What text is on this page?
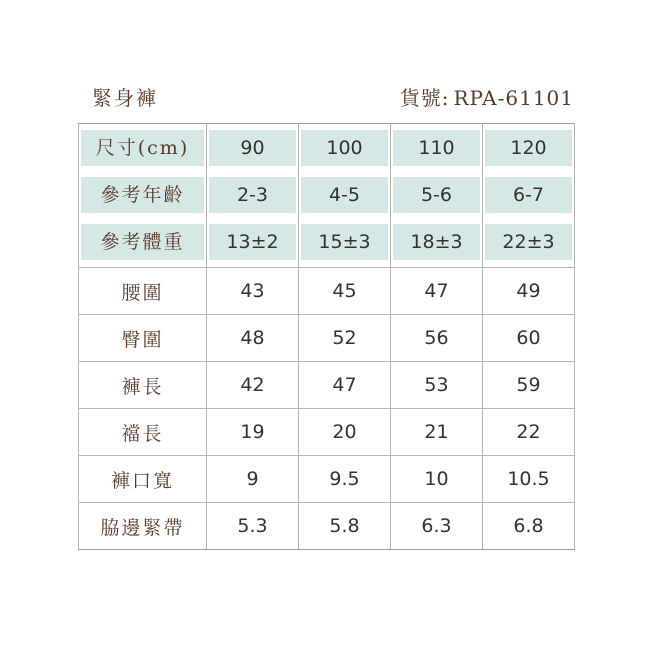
緊身褲	貨號: RPA-61101
尺寸(cm)	90	100	110	120

參考年齡	2-3	4-5	5-6	6-7

參考體重	13±2	15±3	18±3	22±3

腰圍	43	45	47	49
臀圍	48	52	56	60
褲長	42	47	53	59
襠長	19	20	21	22
褲口寬	9	9.5	10	10.5
脇邊緊帶	5.3	5.8	6.3	6.8
